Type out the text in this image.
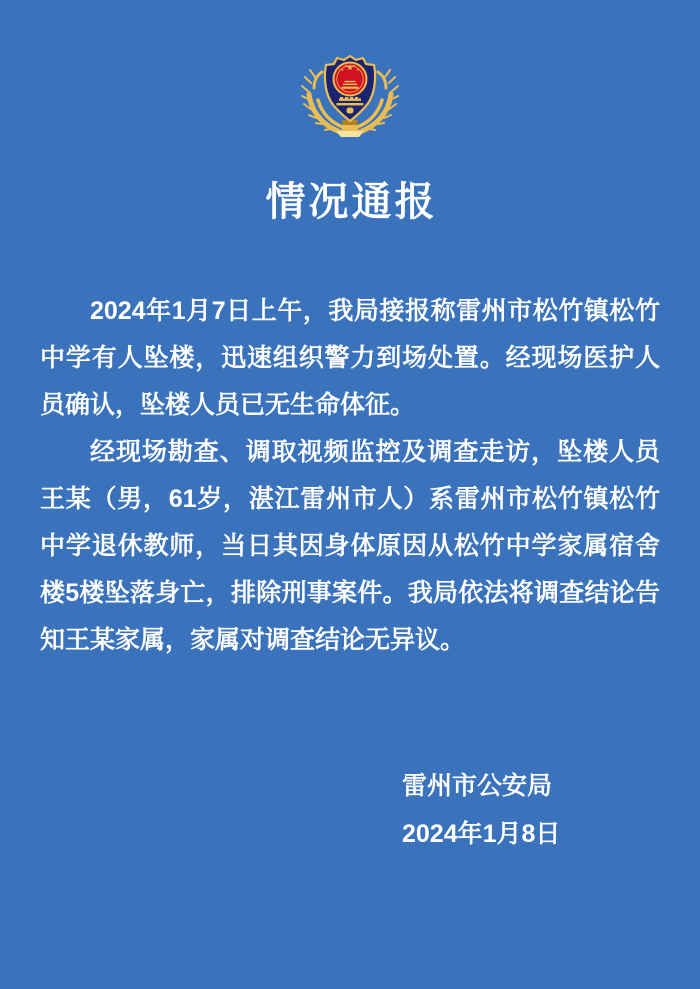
情况通报

2024年1月7日上午，我局接报称雷州市松竹镇松竹中学有人坠楼，迅速组织警力到场处置。经现场医护人员确认，坠楼人员已无生命体征。

经现场勘查、调取视频监控及调查走访，坠楼人员王某（男，61岁，湛江雷州市人）系雷州市松竹镇松竹中学退休教师，当日其因身体原因从松竹中学家属宿舍楼5楼坠落身亡，排除刑事案件。我局依法将调查结论告知王某家属，家属对调查结论无异议。

雷州市公安局

2024年1月8日
